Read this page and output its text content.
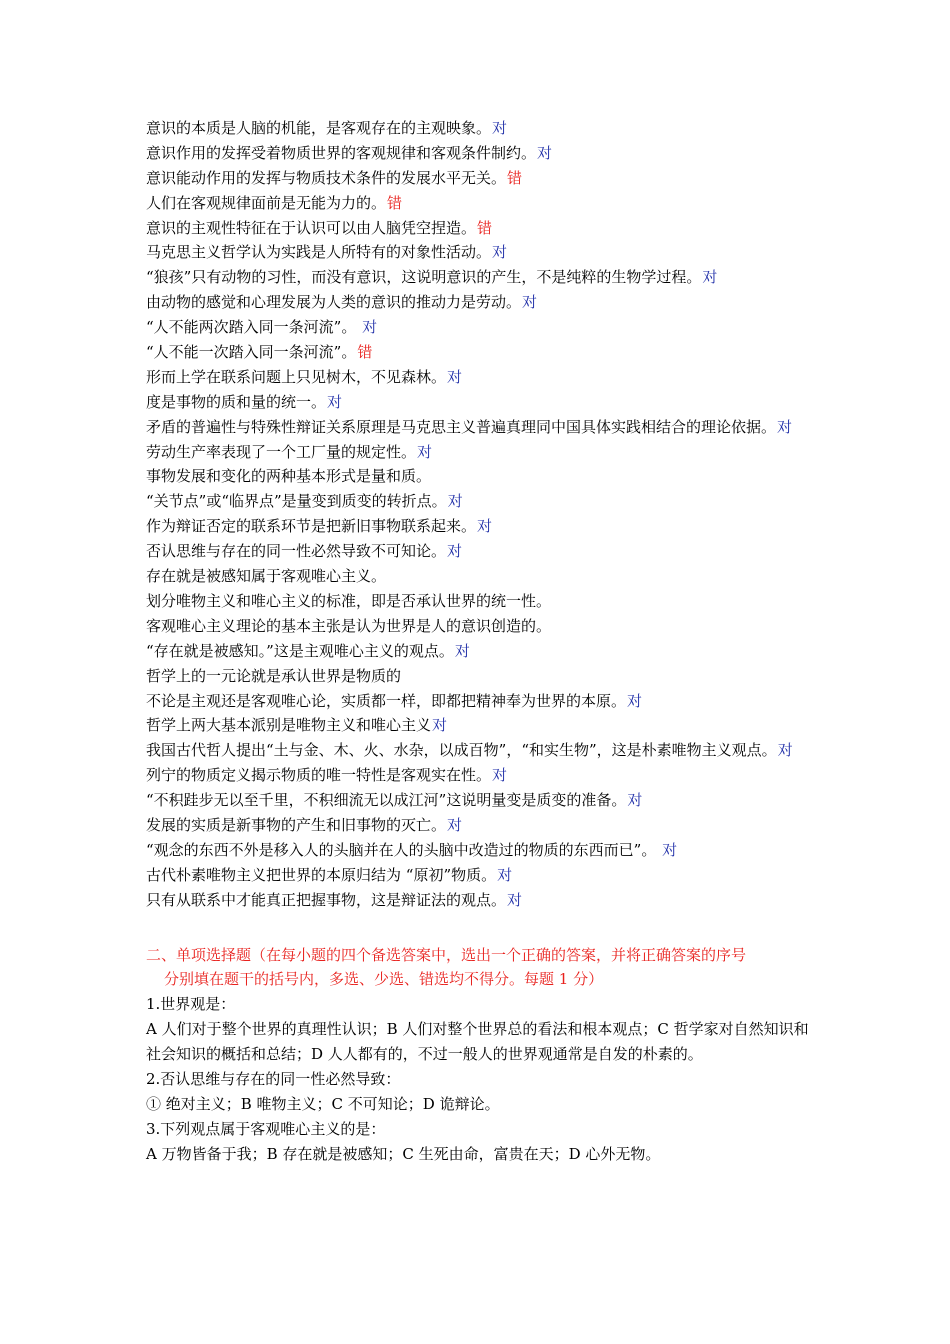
意识的本质是人脑的机能，是客观存在的主观映象。对
意识作用的发挥受着物质世界的客观规律和客观条件制约。对
意识能动作用的发挥与物质技术条件的发展水平无关。错
人们在客观规律面前是无能为力的。错
意识的主观性特征在于认识可以由人脑凭空捏造。错
马克思主义哲学认为实践是人所特有的对象性活动。对
“狼孩”只有动物的习性，而没有意识，这说明意识的产生，不是纯粹的生物学过程。对
由动物的感觉和心理发展为人类的意识的推动力是劳动。对
“人不能两次踏入同一条河流”。 对
“人不能一次踏入同一条河流”。错
形而上学在联系问题上只见树木，不见森林。对
度是事物的质和量的统一。对
矛盾的普遍性与特殊性辩证关系原理是马克思主义普遍真理同中国具体实践相结合的理论依据。对
劳动生产率表现了一个工厂量的规定性。对
事物发展和变化的两种基本形式是量和质。
“关节点”或“临界点”是量变到质变的转折点。对
作为辩证否定的联系环节是把新旧事物联系起来。对
否认思维与存在的同一性必然导致不可知论。对
存在就是被感知属于客观唯心主义。
划分唯物主义和唯心主义的标准，即是否承认世界的统一性。
客观唯心主义理论的基本主张是认为世界是人的意识创造的。
“存在就是被感知。”这是主观唯心主义的观点。对
哲学上的一元论就是承认世界是物质的
不论是主观还是客观唯心论，实质都一样，即都把精神奉为世界的本原。对
哲学上两大基本派别是唯物主义和唯心主义对
我国古代哲人提出“土与金、木、火、水杂，以成百物”，“和实生物”，这是朴素唯物主义观点。对
列宁的物质定义揭示物质的唯一特性是客观实在性。对
“不积跬步无以至千里，不积细流无以成江河”这说明量变是质变的准备。对
发展的实质是新事物的产生和旧事物的灭亡。对
“观念的东西不外是移入人的头脑并在人的头脑中改造过的物质的东西而已”。 对
古代朴素唯物主义把世界的本原归结为 “原初”物质。对
只有从联系中才能真正把握事物，这是辩证法的观点。对
二、单项选择题（在每小题的四个备选答案中，选出一个正确的答案，并将正确答案的序号
分别填在题干的括号内，多选、少选、错选均不得分。每题 1 分）
1.世界观是：
A 人们对于整个世界的真理性认识；B 人们对整个世界总的看法和根本观点；C 哲学家对自然知识和社会知识的概括和总结；D 人人都有的，不过一般人的世界观通常是自发的朴素的。
2.否认思维与存在的同一性必然导致：
① 绝对主义；B 唯物主义；C 不可知论；D 诡辩论。
3.下列观点属于客观唯心主义的是：
A 万物皆备于我；B 存在就是被感知；C 生死由命，富贵在天；D 心外无物。
